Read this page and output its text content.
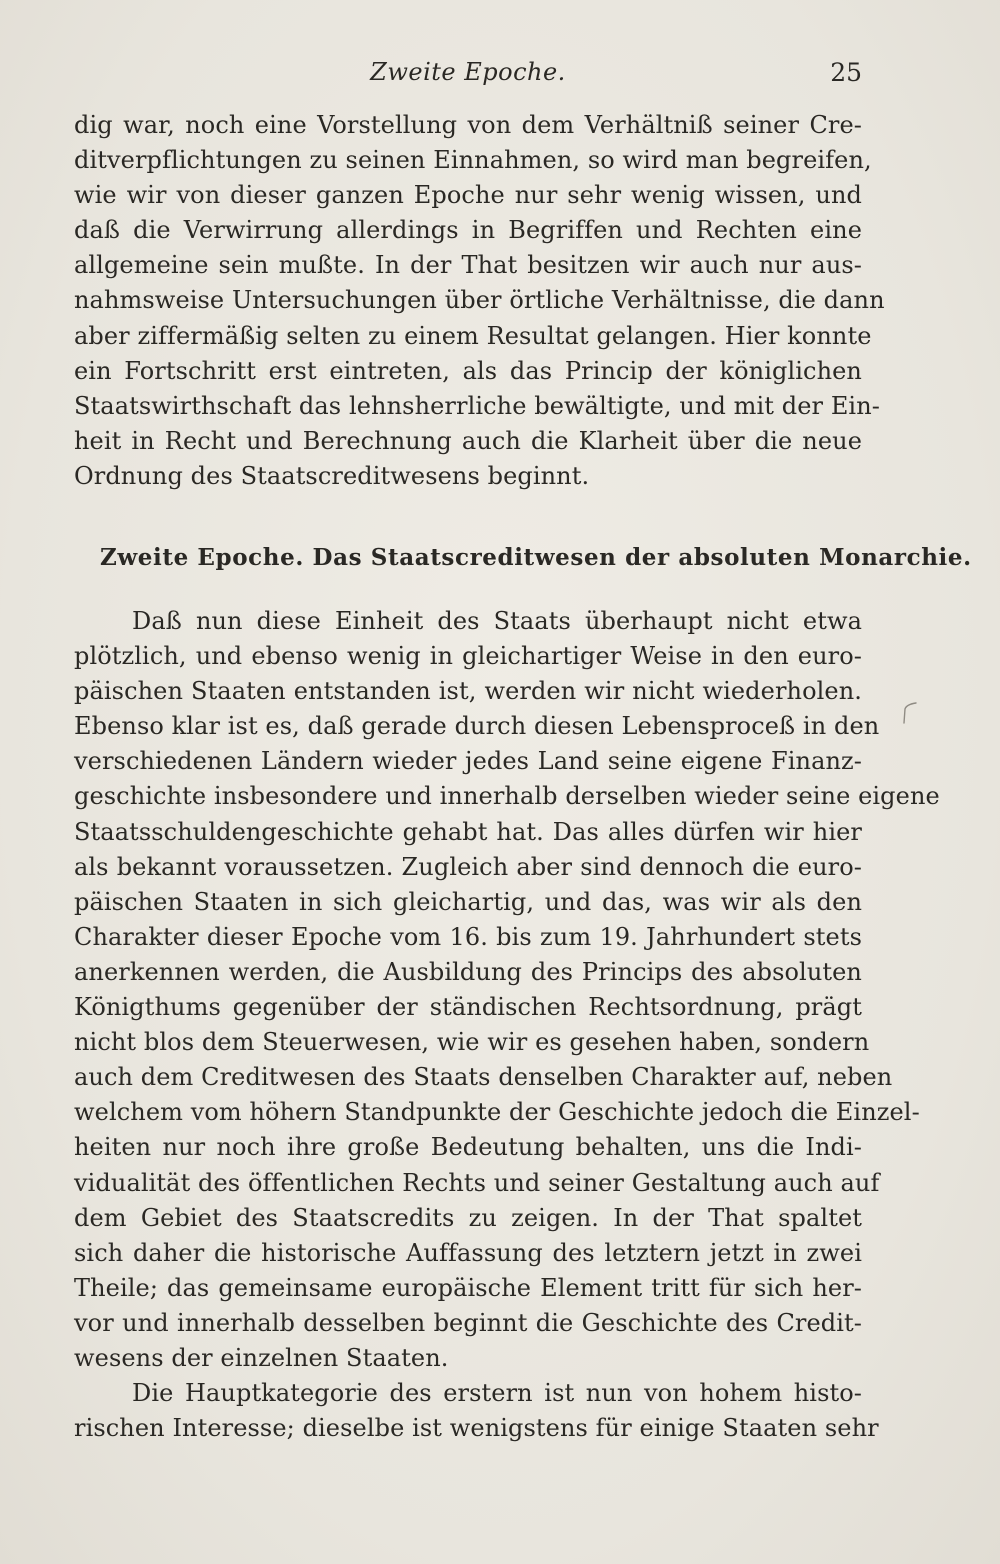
Zweite Epoche.	25
dig war, noch eine Vorstellung von dem Verhältniß seiner Cre-
ditverpflichtungen zu seinen Einnahmen, so wird man begreifen,
wie wir von dieser ganzen Epoche nur sehr wenig wissen, und
daß die Verwirrung allerdings in Begriffen und Rechten eine
allgemeine sein mußte. In der That besitzen wir auch nur aus-
nahmsweise Untersuchungen über örtliche Verhältnisse, die dann
aber ziffermäßig selten zu einem Resultat gelangen. Hier konnte
ein Fortschritt erst eintreten, als das Princip der königlichen
Staatswirthschaft das lehnsherrliche bewältigte, und mit der Ein-
heit in Recht und Berechnung auch die Klarheit über die neue
Ordnung des Staatscreditwesens beginnt.
Zweite Epoche. Das Staatscreditwesen der absoluten Monarchie.
Daß nun diese Einheit des Staats überhaupt nicht etwa
plötzlich, und ebenso wenig in gleichartiger Weise in den euro-
päischen Staaten entstanden ist, werden wir nicht wiederholen.
Ebenso klar ist es, daß gerade durch diesen Lebensproceß in den
verschiedenen Ländern wieder jedes Land seine eigene Finanz-
geschichte insbesondere und innerhalb derselben wieder seine eigene
Staatsschuldengeschichte gehabt hat. Das alles dürfen wir hier
als bekannt voraussetzen. Zugleich aber sind dennoch die euro-
päischen Staaten in sich gleichartig, und das, was wir als den
Charakter dieser Epoche vom 16. bis zum 19. Jahrhundert stets
anerkennen werden, die Ausbildung des Princips des absoluten
Königthums gegenüber der ständischen Rechtsordnung, prägt
nicht blos dem Steuerwesen, wie wir es gesehen haben, sondern
auch dem Creditwesen des Staats denselben Charakter auf, neben
welchem vom höhern Standpunkte der Geschichte jedoch die Einzel-
heiten nur noch ihre große Bedeutung behalten, uns die Indi-
vidualität des öffentlichen Rechts und seiner Gestaltung auch auf
dem Gebiet des Staatscredits zu zeigen. In der That spaltet
sich daher die historische Auffassung des letztern jetzt in zwei
Theile; das gemeinsame europäische Element tritt für sich her-
vor und innerhalb desselben beginnt die Geschichte des Credit-
wesens der einzelnen Staaten.
Die Hauptkategorie des erstern ist nun von hohem histo-
rischen Interesse; dieselbe ist wenigstens für einige Staaten sehr
